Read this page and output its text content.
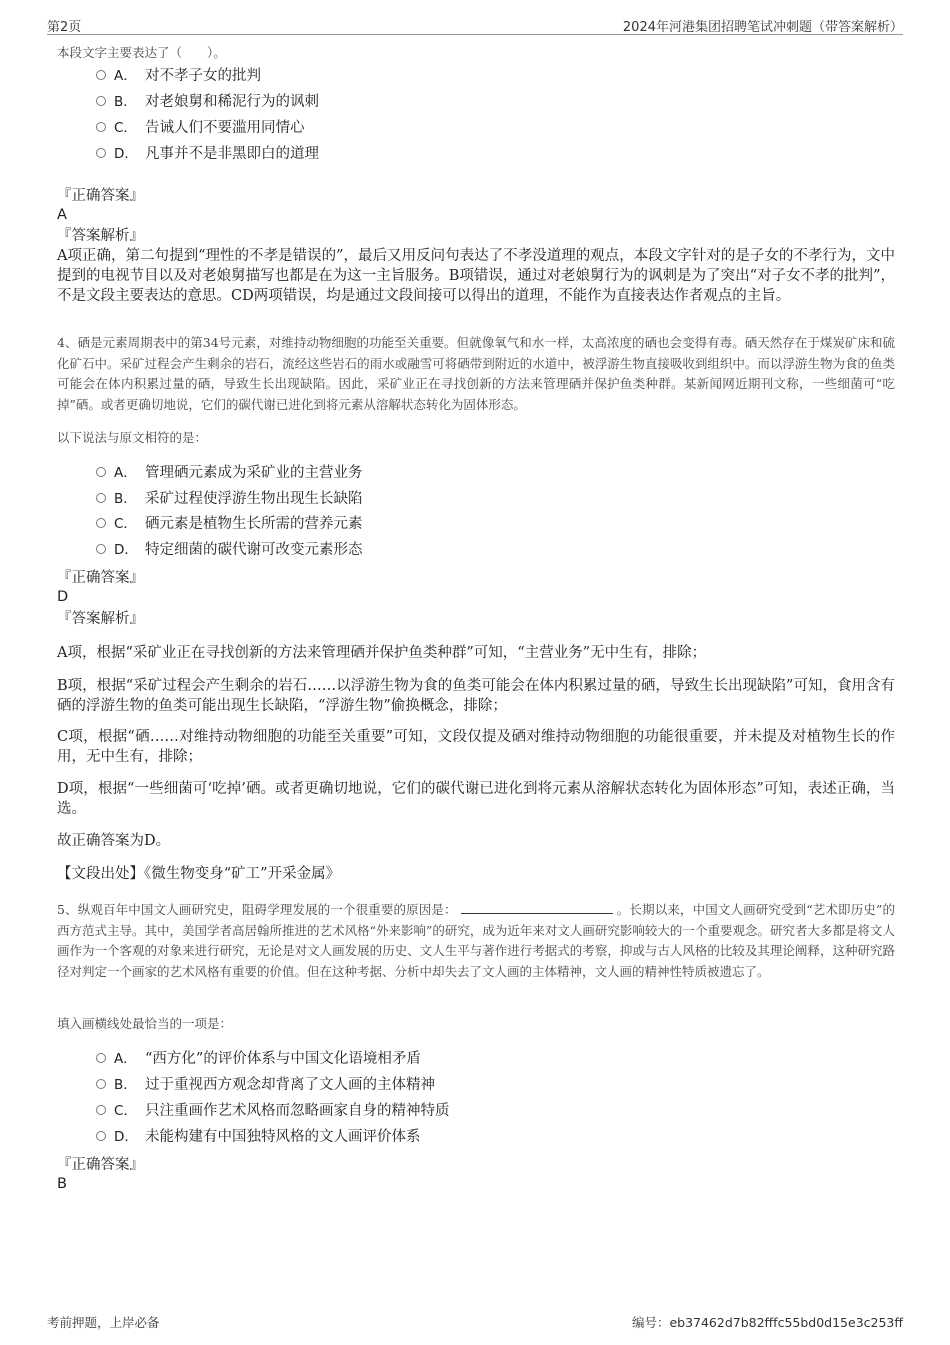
第2页	2024年河港集团招聘笔试冲刺题（带答案解析）
本段文字主要表达了（　　）。
A． 对不孝子女的批判
B． 对老娘舅和稀泥行为的讽刺
C． 告诫人们不要滥用同情心
D． 凡事并不是非黑即白的道理
『正确答案』
A
『答案解析』
A项正确，第二句提到“理性的不孝是错误的”，最后又用反问句表达了不孝没道理的观点，本段文字针对的是子女的不孝行为，文中提到的电视节目以及对老娘舅描写也都是在为这一主旨服务。B项错误，通过对老娘舅行为的讽刺是为了突出“对子女不孝的批判”，不是文段主要表达的意思。CD两项错误，均是通过文段间接可以得出的道理，不能作为直接表达作者观点的主旨。
4、硒是元素周期表中的第34号元素，对维持动物细胞的功能至关重要。但就像氧气和水一样，太高浓度的硒也会变得有毒。硒天然存在于煤炭矿床和硫化矿石中。采矿过程会产生剩余的岩石，流经这些岩石的雨水或融雪可将硒带到附近的水道中，被浮游生物直接吸收到组织中。而以浮游生物为食的鱼类可能会在体内积累过量的硒，导致生长出现缺陷。因此，采矿业正在寻找创新的方法来管理硒并保护鱼类种群。某新闻网近期刊文称，一些细菌可“吃掉”硒。或者更确切地说，它们的碳代谢已进化到将元素从溶解状态转化为固体形态。
以下说法与原文相符的是：
A． 管理硒元素成为采矿业的主营业务
B． 采矿过程使浮游生物出现生长缺陷
C． 硒元素是植物生长所需的营养元素
D． 特定细菌的碳代谢可改变元素形态
『正确答案』
D
『答案解析』
A项，根据“采矿业正在寻找创新的方法来管理硒并保护鱼类种群”可知，“主营业务”无中生有，排除；
B项，根据“采矿过程会产生剩余的岩石……以浮游生物为食的鱼类可能会在体内积累过量的硒，导致生长出现缺陷”可知，食用含有硒的浮游生物的鱼类可能出现生长缺陷，“浮游生物”偷换概念，排除；
C项，根据“硒……对维持动物细胞的功能至关重要”可知，文段仅提及硒对维持动物细胞的功能很重要，并未提及对植物生长的作用，无中生有，排除；
D项，根据“一些细菌可‘吃掉’硒。或者更确切地说，它们的碳代谢已进化到将元素从溶解状态转化为固体形态”可知，表述正确，当选。
故正确答案为D。
【文段出处】《微生物变身“矿工”开采金属》
5、纵观百年中国文人画研究史，阻碍学理发展的一个很重要的原因是：	。长期以来，中国文人画研究受到“艺术即历史”的西方范式主导。其中，美国学者高居翰所推进的艺术风格“外来影响”的研究，成为近年来对文人画研究影响较大的一个重要观念。研究者大多都是将文人画作为一个客观的对象来进行研究，无论是对文人画发展的历史、文人生平与著作进行考据式的考察，抑或与古人风格的比较及其理论阐释，这种研究路径对判定一个画家的艺术风格有重要的价值。但在这种考据、分析中却失去了文人画的主体精神，文人画的精神性特质被遗忘了。
填入画横线处最恰当的一项是：
A． “西方化”的评价体系与中国文化语境相矛盾
B． 过于重视西方观念却背离了文人画的主体精神
C． 只注重画作艺术风格而忽略画家自身的精神特质
D． 未能构建有中国独特风格的文人画评价体系
『正确答案』
B
考前押题，上岸必备	编号：eb37462d7b82fffc55bd0d15e3c253ff
